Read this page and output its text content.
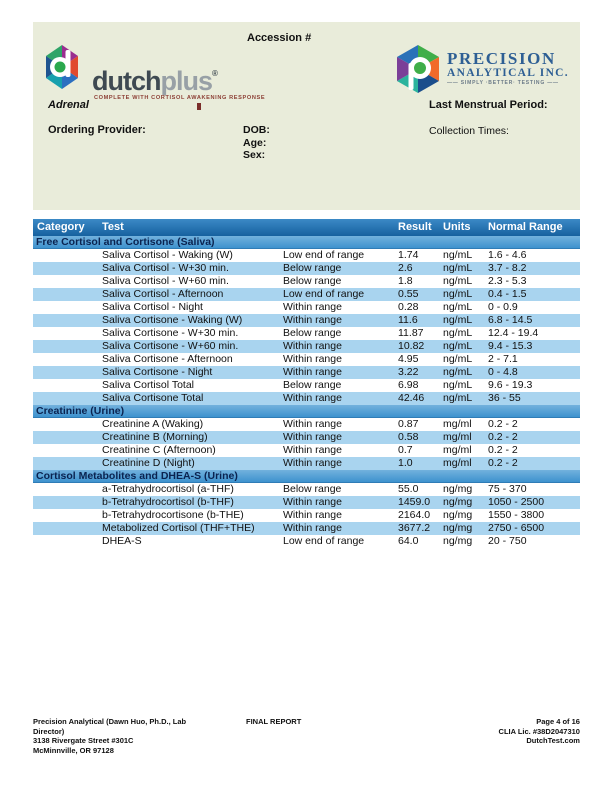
Accession #
dutchplus®
COMPLETE WITH CORTISOL AWAKENING RESPONSE
PRECISION
ANALYTICAL INC.
—— SIMPLY ·BETTER· TESTING ——
Adrenal	Last Menstrual Period:
Ordering Provider:	DOB:
Age:
Sex:
Collection Times:
Category	Test	Result	Units	Normal Range
Free Cortisol and Cortisone (Saliva)
Saliva Cortisol - Waking (W)	Low end of range	1.74	ng/mL	1.6 - 4.6
Saliva Cortisol - W+30 min.	Below range	2.6	ng/mL	3.7 - 8.2
Saliva Cortisol - W+60 min.	Below range	1.8	ng/mL	2.3 - 5.3
Saliva Cortisol - Afternoon	Low end of range	0.55	ng/mL	0.4 - 1.5
Saliva Cortisol - Night	Within range	0.28	ng/mL	0 - 0.9
Saliva Cortisone - Waking (W)	Within range	11.6	ng/mL	6.8 - 14.5
Saliva Cortisone - W+30 min.	Below range	11.87	ng/mL	12.4 - 19.4
Saliva Cortisone - W+60 min.	Within range	10.82	ng/mL	9.4 - 15.3
Saliva Cortisone - Afternoon	Within range	4.95	ng/mL	2 - 7.1
Saliva Cortisone - Night	Within range	3.22	ng/mL	0 - 4.8
Saliva Cortisol Total	Below range	6.98	ng/mL	9.6 - 19.3
Saliva Cortisone Total	Within range	42.46	ng/mL	36 - 55
Creatinine (Urine)
Creatinine A (Waking)	Within range	0.87	mg/ml	0.2 - 2
Creatinine B (Morning)	Within range	0.58	mg/ml	0.2 - 2
Creatinine C (Afternoon)	Within range	0.7	mg/ml	0.2 - 2
Creatinine D (Night)	Within range	1.0	mg/ml	0.2 - 2
Cortisol Metabolites and DHEA-S (Urine)
a-Tetrahydrocortisol (a-THF)	Below range	55.0	ng/mg	75 - 370
b-Tetrahydrocortisol (b-THF)	Within range	1459.0	ng/mg	1050 - 2500
b-Tetrahydrocortisone (b-THE)	Within range	2164.0	ng/mg	1550 - 3800
Metabolized Cortisol (THF+THE)	Within range	3677.2	ng/mg	2750 - 6500
DHEA-S	Low end of range	64.0	ng/mg	20 - 750
Precision Analytical (Dawn Huo, Ph.D., Lab Director)
3138 Rivergate Street #301C
McMinnville, OR 97128
FINAL REPORT	Page 4 of 16
CLIA Lic. #38D2047310
DutchTest.com
